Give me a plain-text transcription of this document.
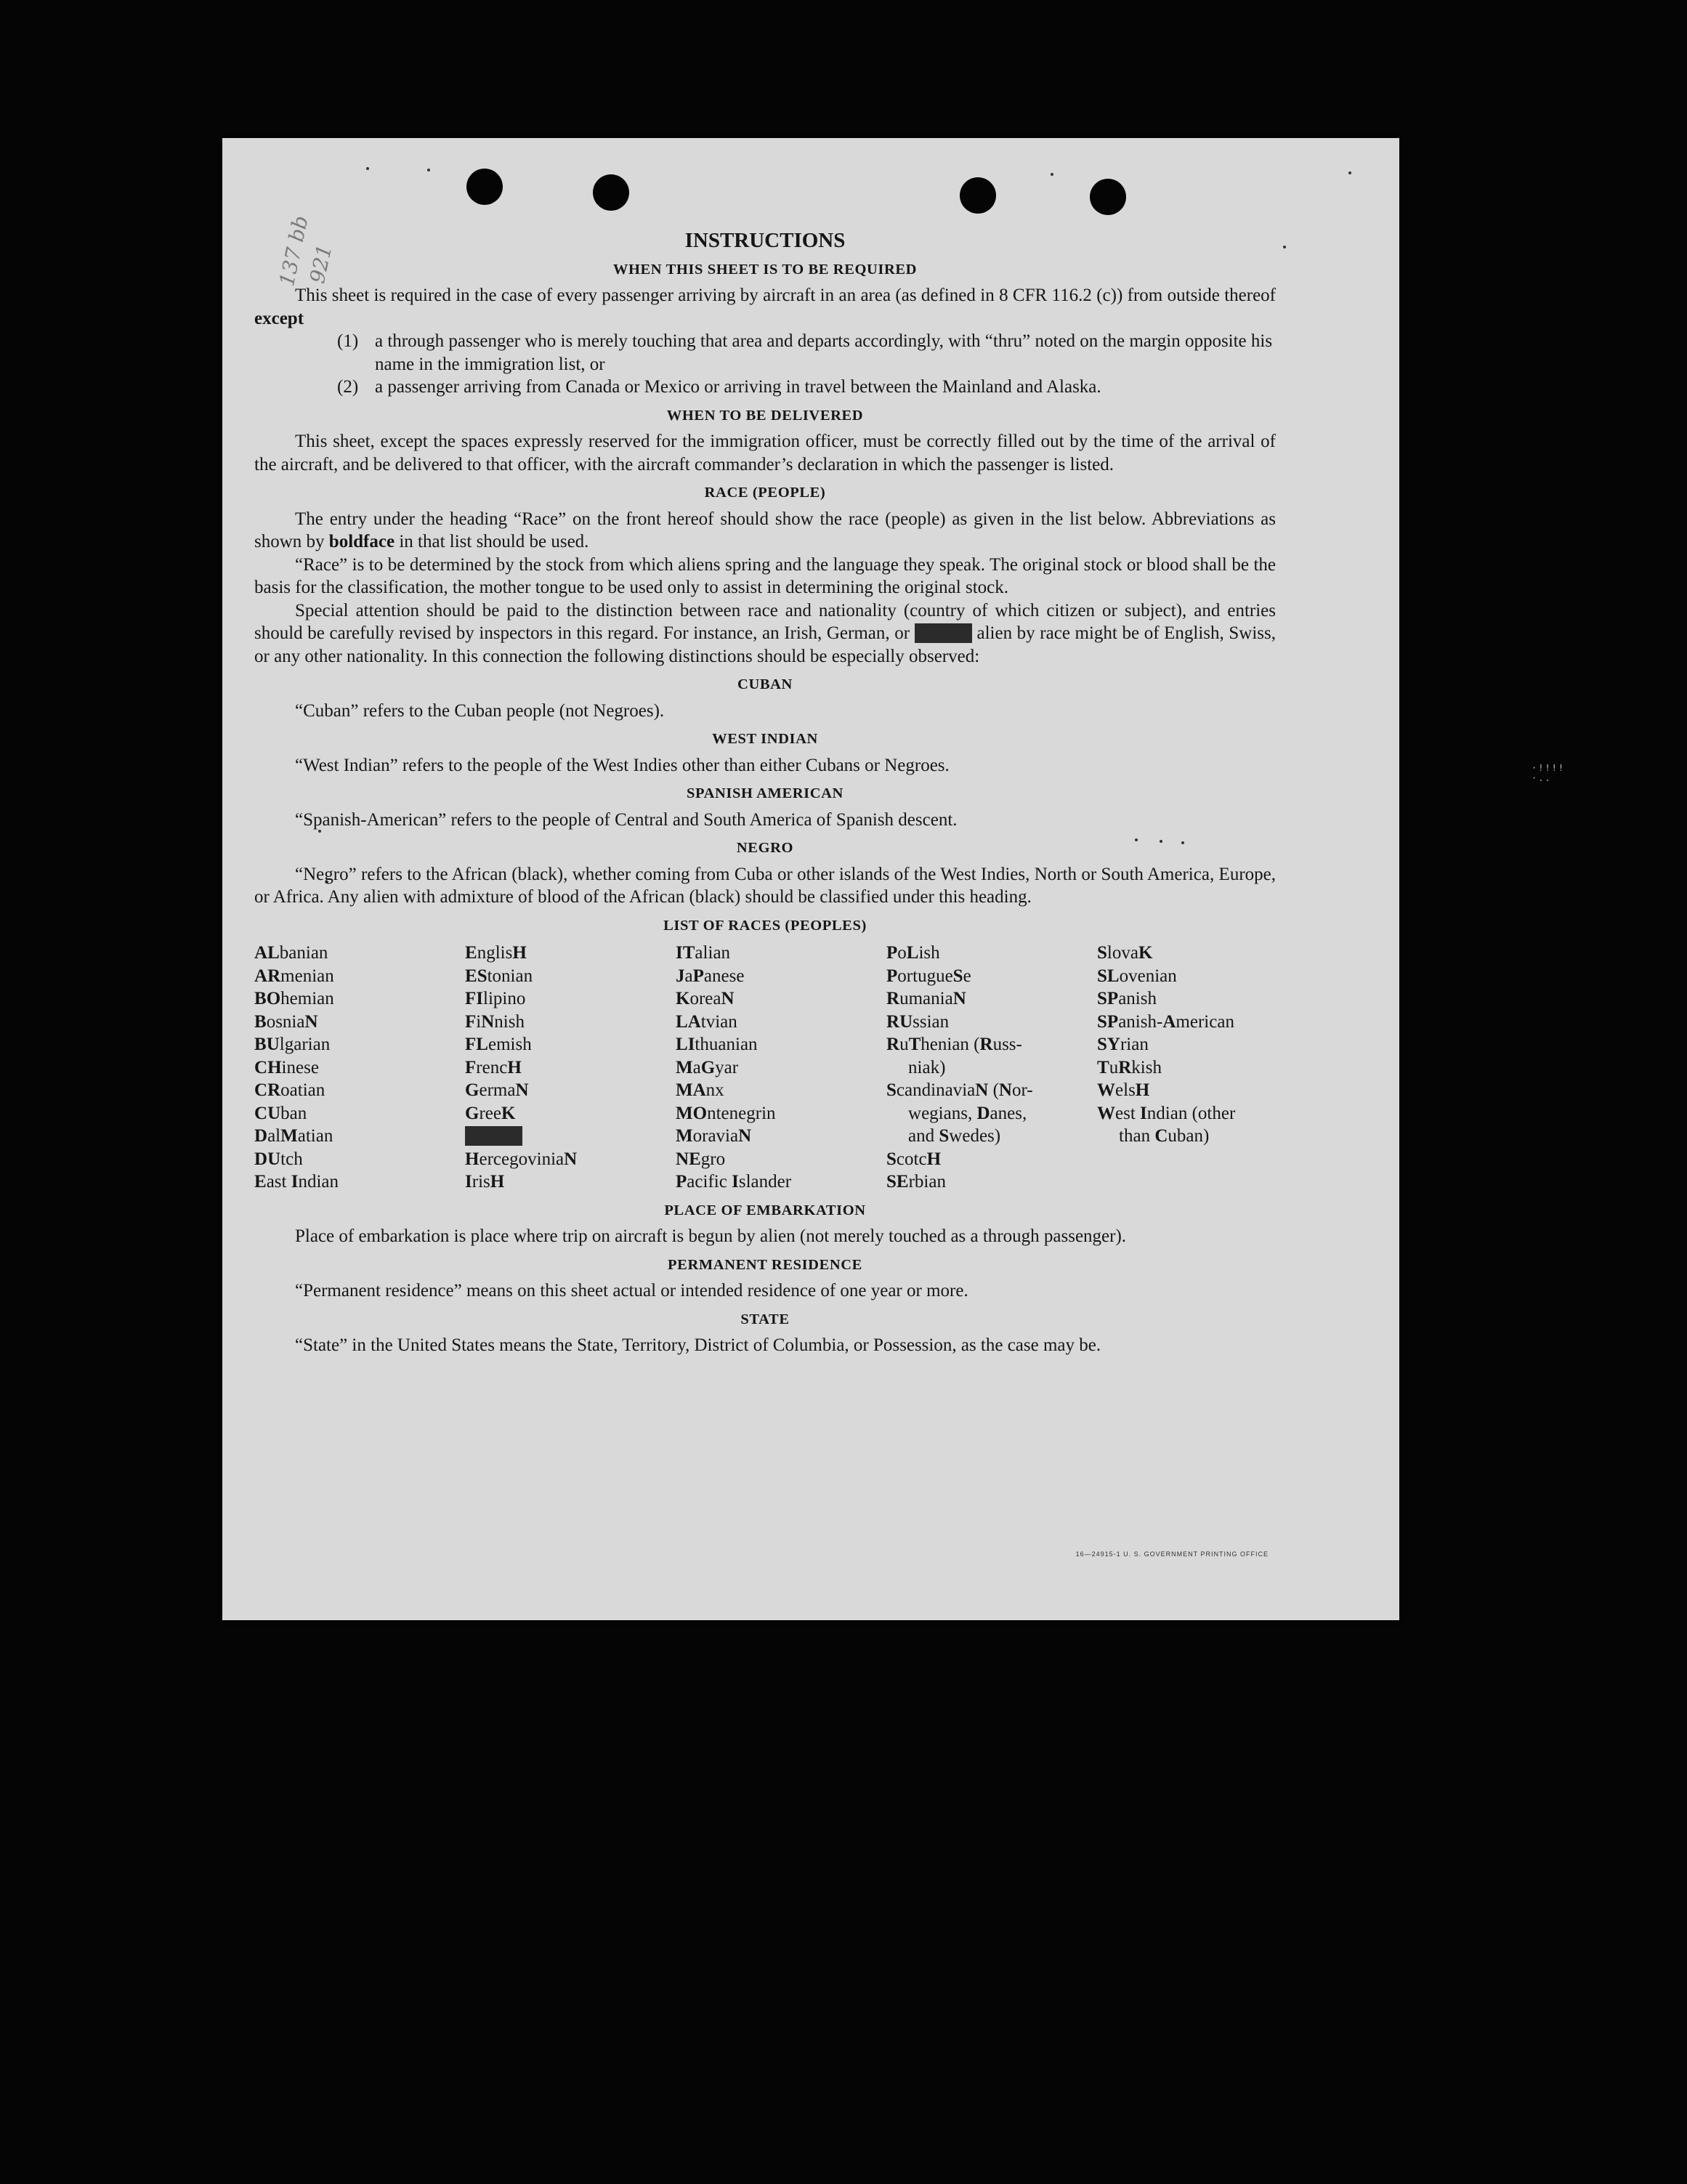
137 bb
921
INSTRUCTIONS
WHEN THIS SHEET IS TO BE REQUIRED

This sheet is required in the case of every passenger arriving by aircraft in an area (as defined in 8 CFR 116.2 (c)) from outside thereof except

(1) a through passenger who is merely touching that area and departs accordingly, with “thru” noted on the margin opposite his name in the immigration list, or
(2) a passenger arriving from Canada or Mexico or arriving in travel between the Mainland and Alaska.
WHEN TO BE DELIVERED

This sheet, except the spaces expressly reserved for the immigration officer, must be correctly filled out by the time of the arrival of the aircraft, and be delivered to that officer, with the aircraft commander’s declaration in which the passenger is listed.

RACE (PEOPLE)

The entry under the heading “Race” on the front hereof should show the race (people) as given in the list below. Abbreviations as shown by boldface in that list should be used.

“Race” is to be determined by the stock from which aliens spring and the language they speak. The original stock or blood shall be the basis for the classification, the mother tongue to be used only to assist in determining the original stock.

Special attention should be paid to the distinction between race and nationality (country of which citizen or subject), and entries should be carefully revised by inspectors in this regard. For instance, an Irish, German, or Hebrew alien by race might be of English, Swiss, or any other nationality. In this connection the following distinctions should be especially observed:

CUBAN

“Cuban” refers to the Cuban people (not Negroes).

WEST INDIAN

“West Indian” refers to the people of the West Indies other than either Cubans or Negroes.

SPANISH AMERICAN

“Spanish-American” refers to the people of Central and South America of Spanish descent.

NEGRO

“Negro” refers to the African (black), whether coming from Cuba or other islands of the West Indies, North or South America, Europe, or Africa. Any alien with admixture of blood of the African (black) should be classified under this heading.

LIST OF RACES (PEOPLES)
ALbanian
ARmenian
BOhemian
BosniaN
BUlgarian
CHinese
CRoatian
CUban
DalMatian
DUtch
East Indian
EnglisH
EStonian
FIlipino
FiNnish
FLemish
FrencH
GermaN
GreeK
Hebrew
HercegoviniaN
IrisH
ITalian
JaPanese
KoreaN
LAtvian
LIthuanian
MaGyar
MAnx
MOntenegrin
MoraviaN
NEgro
Pacific Islander
PoLish
PortugueSe
RumaniaN
RUssian
RuThenian (Russ-
niak)
ScandinaviaN (Nor-
wegians, Danes,
and Swedes)
ScotcH
SErbian
SlovaK
SLovenian
SPanish
SPanish-American
SYrian
TuRkish
WelsH
West Indian (other
than Cuban)
PLACE OF EMBARKATION

Place of embarkation is place where trip on aircraft is begun by alien (not merely touched as a through passenger).

PERMANENT RESIDENCE

“Permanent residence” means on this sheet actual or intended residence of one year or more.

STATE

“State” in the United States means the State, Territory, District of Columbia, or Possession, as the case may be.

16—24915-1 U. S. GOVERNMENT PRINTING OFFICE
·!!!!·..
